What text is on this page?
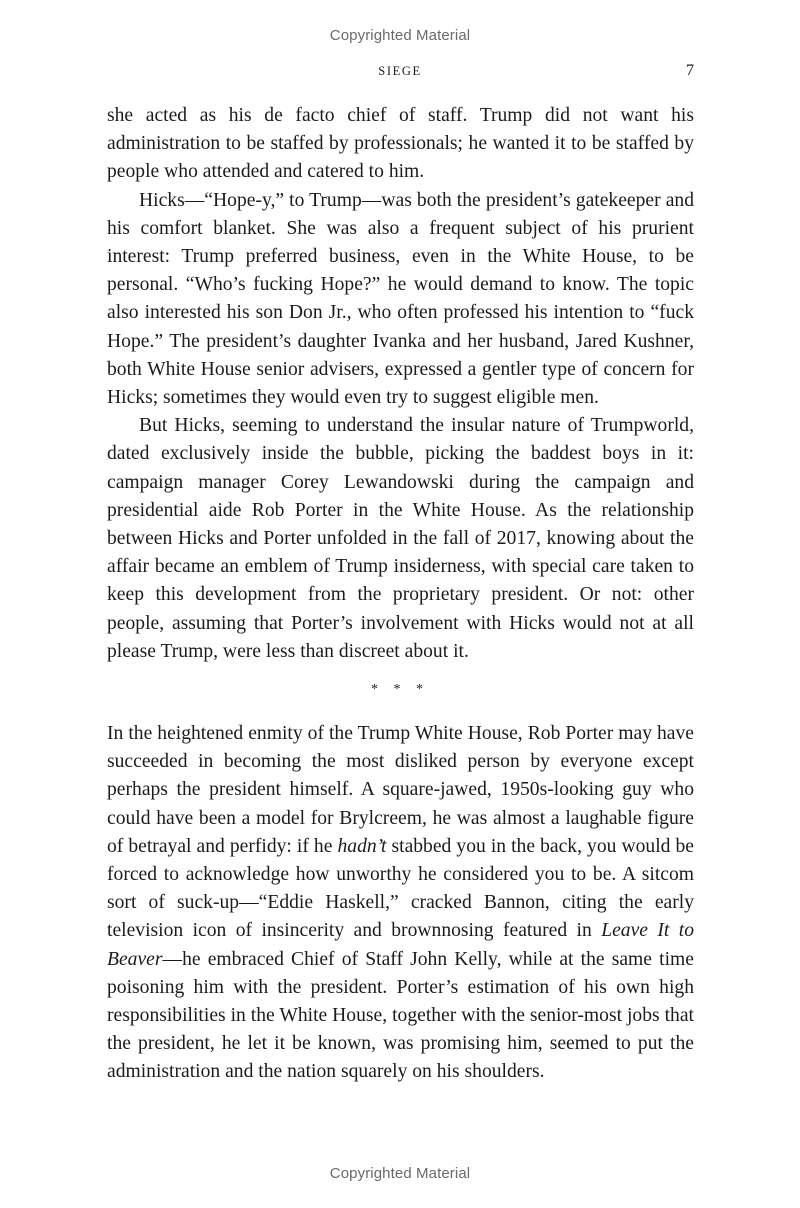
Copyrighted Material
SIEGE	7

she acted as his de facto chief of staff. Trump did not want his administration to be staffed by professionals; he wanted it to be staffed by people who attended and catered to him.

Hicks—“Hope-y,” to Trump—was both the president’s gatekeeper and his comfort blanket. She was also a frequent subject of his prurient interest: Trump preferred business, even in the White House, to be personal. “Who’s fucking Hope?” he would demand to know. The topic also interested his son Don Jr., who often professed his intention to “fuck Hope.” The president’s daughter Ivanka and her husband, Jared Kushner, both White House senior advisers, expressed a gentler type of concern for Hicks; sometimes they would even try to suggest eligible men.

But Hicks, seeming to understand the insular nature of Trumpworld, dated exclusively inside the bubble, picking the baddest boys in it: campaign manager Corey Lewandowski during the campaign and presidential aide Rob Porter in the White House. As the relationship between Hicks and Porter unfolded in the fall of 2017, knowing about the affair became an emblem of Trump insiderness, with special care taken to keep this development from the proprietary president. Or not: other people, assuming that Porter’s involvement with Hicks would not at all please Trump, were less than discreet about it.

* * *

In the heightened enmity of the Trump White House, Rob Porter may have succeeded in becoming the most disliked person by everyone except perhaps the president himself. A square-jawed, 1950s-looking guy who could have been a model for Brylcreem, he was almost a laughable figure of betrayal and perfidy: if he hadn’t stabbed you in the back, you would be forced to acknowledge how unworthy he considered you to be. A sitcom sort of suck-up—“Eddie Haskell,” cracked Bannon, citing the early television icon of insincerity and brownnosing featured in Leave It to Beaver—he embraced Chief of Staff John Kelly, while at the same time poisoning him with the president. Porter’s estimation of his own high responsibilities in the White House, together with the senior-most jobs that the president, he let it be known, was promising him, seemed to put the administration and the nation squarely on his shoulders.

Copyrighted Material
